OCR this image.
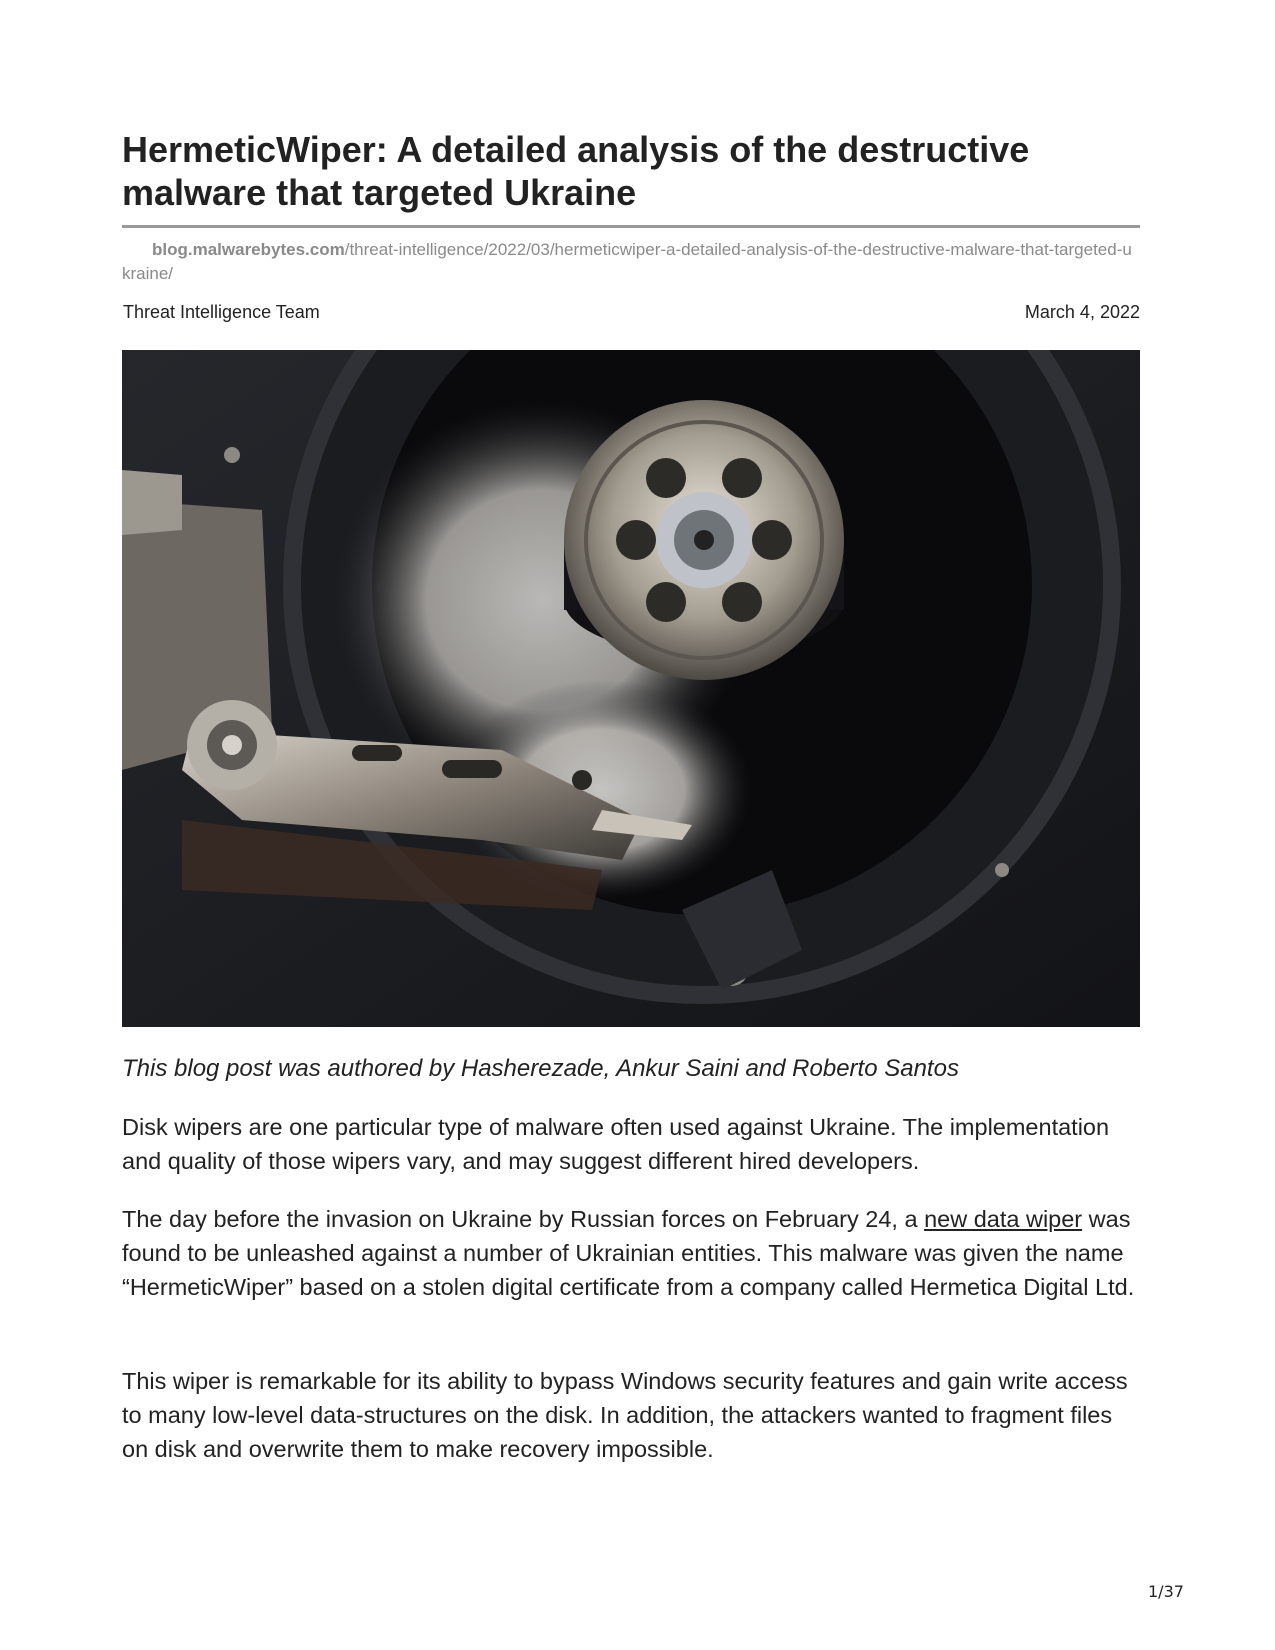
HermeticWiper: A detailed analysis of the destructive malware that targeted Ukraine
blog.malwarebytes.com/threat-intelligence/2022/03/hermeticwiper-a-detailed-analysis-of-the-destructive-malware-that-targeted-ukraine/
Threat Intelligence Team	March 4, 2022
This blog post was authored by Hasherezade, Ankur Saini and Roberto Santos

Disk wipers are one particular type of malware often used against Ukraine. The implementation and quality of those wipers vary, and may suggest different hired developers.

The day before the invasion on Ukraine by Russian forces on February 24, a new data wiper was found to be unleashed against a number of Ukrainian entities. This malware was given the name “HermeticWiper” based on a stolen digital certificate from a company called Hermetica Digital Ltd.

This wiper is remarkable for its ability to bypass Windows security features and gain write access to many low-level data-structures on the disk. In addition, the attackers wanted to fragment files on disk and overwrite them to make recovery impossible.

1/37
